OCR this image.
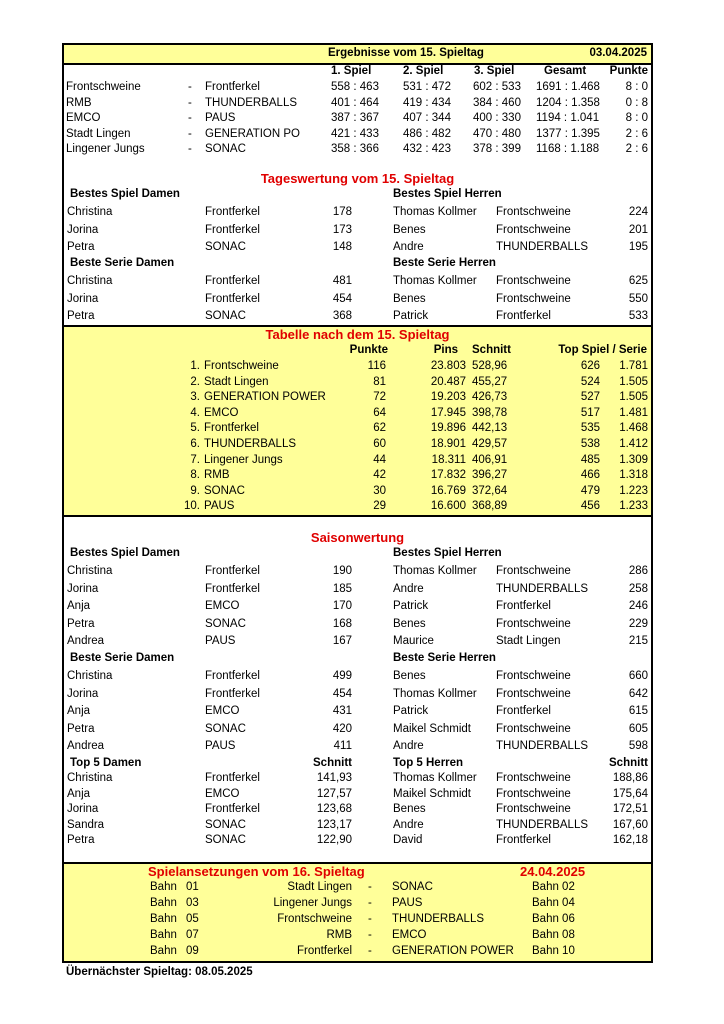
Ergebnisse vom 15. Spieltag	03.04.2025
1. Spiel	2. Spiel	3. Spiel	Gesamt	Punkte
Frontschweine	- Frontferkel	558 : 463 531 : 472 602 : 533 1691 : 1.468	8 : 0
RMB	- THUNDERBALLS	401 : 464 419 : 434 384 : 460 1204 : 1.358	0 : 8
EMCO	- PAUS	387 : 367 407 : 344 400 : 330 1194 : 1.041	8 : 0
Stadt Lingen	- GENERATION PO	421 : 433 486 : 482 470 : 480 1377 : 1.395	2 : 6
Lingener Jungs	- SONAC	358 : 366 432 : 423 378 : 399 1168 : 1.188	2 : 6
Tageswertung vom 15. Spieltag
Bestes Spiel Damen	Bestes Spiel Herren
Christina	Frontferkel	178
Jorina	Frontferkel	173
Petra	SONAC	148
Thomas Kollmer Frontschweine	224
Benes	Frontschweine	201
Andre	THUNDERBALLS	195
Beste Serie Damen	Beste Serie Herren
Christina	Frontferkel	481
Jorina	Frontferkel	454
Petra	SONAC	368
Thomas Kollmer Frontschweine	625
Benes	Frontschweine	550
Patrick	Frontferkel	533
Tabelle nach dem 15. Spieltag
Punkte	Pins Schnitt	Top Spiel / Serie
1. Frontschweine	116	23.803 528,96	626	1.781
2. Stadt Lingen	81	20.487 455,27	524	1.505
3. GENERATION POWER	72	19.203 426,73	527	1.505
4. EMCO	64	17.945 398,78	517	1.481
5. Frontferkel	62	19.896 442,13	535	1.468
6. THUNDERBALLS	60	18.901 429,57	538	1.412
7. Lingener Jungs	44	18.311 406,91	485	1.309
8. RMB	42	17.832 396,27	466	1.318
9. SONAC	30	16.769 372,64	479	1.223
10. PAUS	29	16.600 368,89	456	1.233
Saisonwertung
Bestes Spiel Damen	Bestes Spiel Herren
Christina	Frontferkel	190
Jorina	Frontferkel	185
Anja	EMCO	170
Petra	SONAC	168
Andrea	PAUS	167
Thomas Kollmer Frontschweine	286
Andre	THUNDERBALLS	258
Patrick	Frontferkel	246
Benes	Frontschweine	229
Maurice	Stadt Lingen	215
Beste Serie Damen	Beste Serie Herren
Christina	Frontferkel	499
Jorina	Frontferkel	454
Anja	EMCO	431
Petra	SONAC	420
Andrea	PAUS	411
Benes	Frontschweine	660
Thomas Kollmer Frontschweine	642
Patrick	Frontferkel	615
Maikel Schmidt Frontschweine	605
Andre	THUNDERBALLS	598
Top 5 Damen	Schnitt	Top 5 Herren	Schnitt
Christina	Frontferkel	141,93
Anja	EMCO	127,57
Jorina	Frontferkel	123,68
Sandra	SONAC	123,17
Petra	SONAC	122,90
Thomas Kollmer Frontschweine	188,86
Maikel Schmidt Frontschweine	175,64
Benes	Frontschweine	172,51
Andre	THUNDERBALLS	167,60
David	Frontferkel	162,18
Spielansetzungen vom 16. Spieltag	24.04.2025
Bahn 01	Stadt Lingen - SONAC	Bahn 02
Bahn 03	Lingener Jungs - PAUS	Bahn 04
Bahn 05	Frontschweine - THUNDERBALLS	Bahn 06
Bahn 07	RMB - EMCO	Bahn 08
Bahn 09	Frontferkel - GENERATION POWER Bahn 10
Übernächster Spieltag: 08.05.2025
